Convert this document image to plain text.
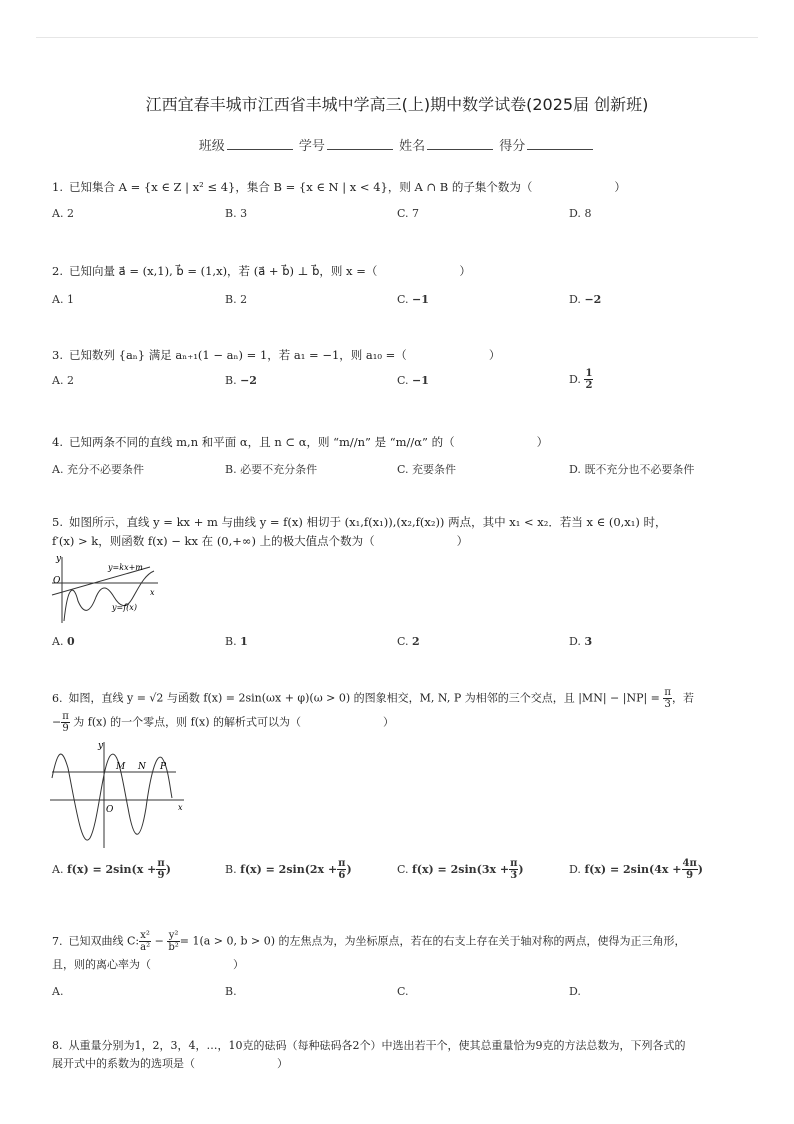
江西宜春丰城市江西省丰城中学高三(上)期中数学试卷(2025届 创新班)
班级	学号	姓名	得分
1. 已知集合 A = {x ∈ Z | x² ≤ 4}，集合 B = {x ∈ N | x < 4}，则 A ∩ B 的子集个数为（	）
A. 2	B. 3	C. 7	D. 8
2. 已知向量 a⃗ = (x,1), b⃗ = (1,x)，若 (a⃗ + b⃗) ⊥ b⃗，则 x =（	）
A. 1	B. 2	C. −1	D. −2
3. 已知数列 {aₙ} 满足 aₙ₊₁(1 − aₙ) = 1，若 a₁ = −1，则 a₁₀ =（	）
A. 2	B. −2	C. −1	D. $\frac{1}{2}$
4. 已知两条不同的直线 m,n 和平面 α，且 n ⊂ α，则 “m//n” 是 “m//α” 的（	）
A. 充分不必要条件	B. 必要不充分条件	C. 充要条件	D. 既不充分也不必要条件
5. 如图所示，直线 y = kx + m 与曲线 y = f(x) 相切于 (x₁,f(x₁)),(x₂,f(x₂)) 两点，其中 x₁ < x₂．若当 x ∈ (0,x₁) 时，
f′(x) > k，则函数 f(x) − kx 在 (0,+∞) 上的极大值点个数为（	）
y
O
x
y=kx+m
y=f(x)
A. 0	B. 1	C. 2	D. 3
6. 如图，直线 y = √2 与函数 f(x) = 2sin(ωx + φ)(ω > 0) 的图象相交，M, N, P 为相邻的三个交点，且 $|MN| - |NP| = \frac{\pi}{3}$ ，若
− $\frac{\pi}{9}$ 为 f(x) 的一个零点，则 f(x) 的解析式可以为（	）
y
O	x
M N P
A. $f(x) = 2\sin(x + \frac{\pi}{9}$ )	B. $f(x) = 2\sin(2x + \frac{\pi}{6}$ )	C. $f(x) = 2\sin(3x + \frac{\pi}{3}$ )	D. $f(x) = 2\sin(4x + \frac{4\pi}{9}$ )
7. 已知双曲线 C: $\frac{\text{x²}}{\text{a²}} - \frac{\text{y²}}{\text{b²}} = 1(a > 0$, b > 0) 的左焦点为，为坐标原点，若在的右支上存在关于轴对称的两点，使得为正三角形，
且，则的离心率为（	）
A.	B.	C.	D.
8. 从重量分别为1，2，3，4，…，10克的砝码（每种砝码各2个）中选出若干个，使其总重量恰为9克的方法总数为，下列各式的
展开式中的系数为的选项是（	）
